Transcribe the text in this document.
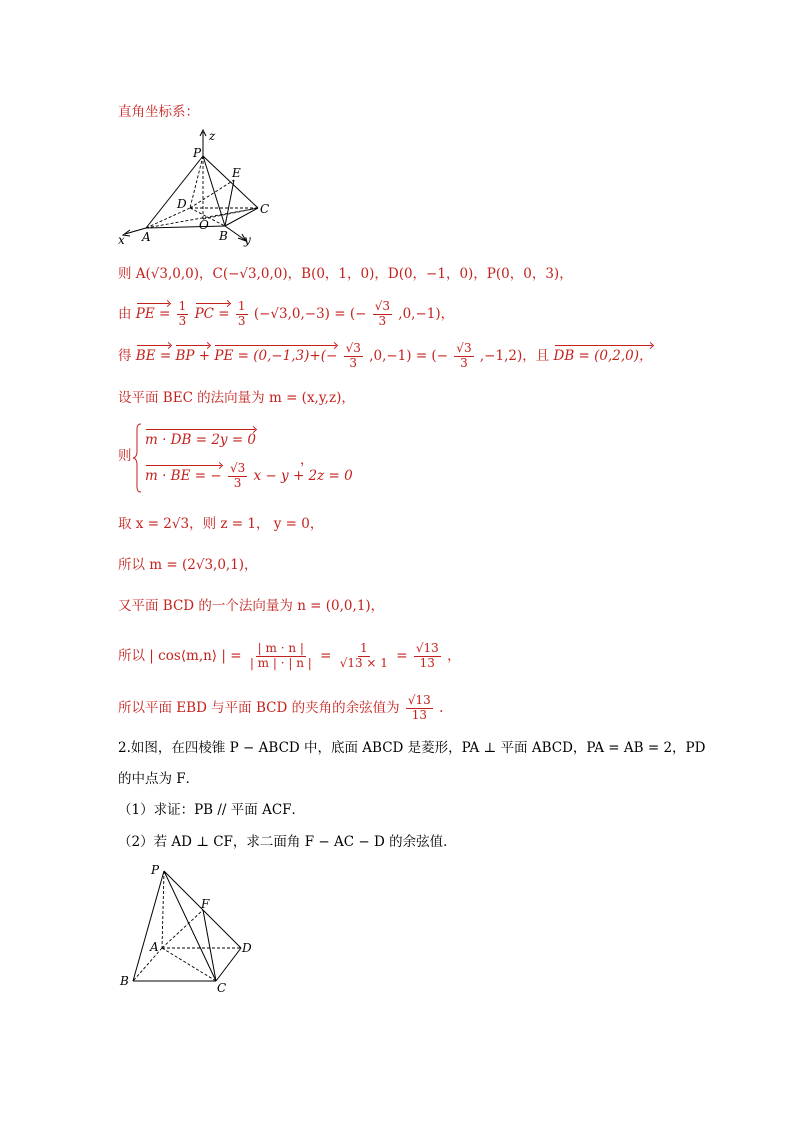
直角坐标系：
P
E
D	C
O
A	B
x	y
z
则 A(√3,0,0)，C(−√3,0,0)，B(0，1，0)，D(0，−1，0)，P(0，0，3)，
由 PE = $\frac{1}{3}$ PC = $\frac{1}{3} (-√3,0,-3)$ = (− $\frac{√3}{3} ,0,-1$)，
得 BE = BP + PE = $(0,-1,3)+(- \frac{√3}{3} ,0,-1)$ = (− $\frac{√3}{3} ,-1,2$)，且 DB = (0,2,0)，
设平面 BEC 的法向量为 m = (x,y,z)，
则
m · DB = 2y = 0
m · BE = − $\frac{√3}{3}$ x − y + 2z = 0
，
取 x = 2√3，则 z = 1， y = 0，
所以 m = (2√3,0,1)，
又平面 BCD 的一个法向量为 n = (0,0,1)，
所以 | cos⟨m,n⟩ | = $\frac{| m \cdot n |}{| m | \cdot | n |} = \frac{1}{√13 \times 1} = \frac{√13}{13}$ ，
所以平面 EBD 与平面 BCD 的夹角的余弦值为 $\frac{√13}{13}$ .
2.如图，在四棱锥 P − ABCD 中，底面 ABCD 是菱形，PA ⊥ 平面 ABCD，PA = AB = 2，PD
的中点为 F．
（1）求证：PB // 平面 ACF．
（2）若 AD ⊥ CF，求二面角 F − AC − D 的余弦值．
P
F
A	D
B	C
